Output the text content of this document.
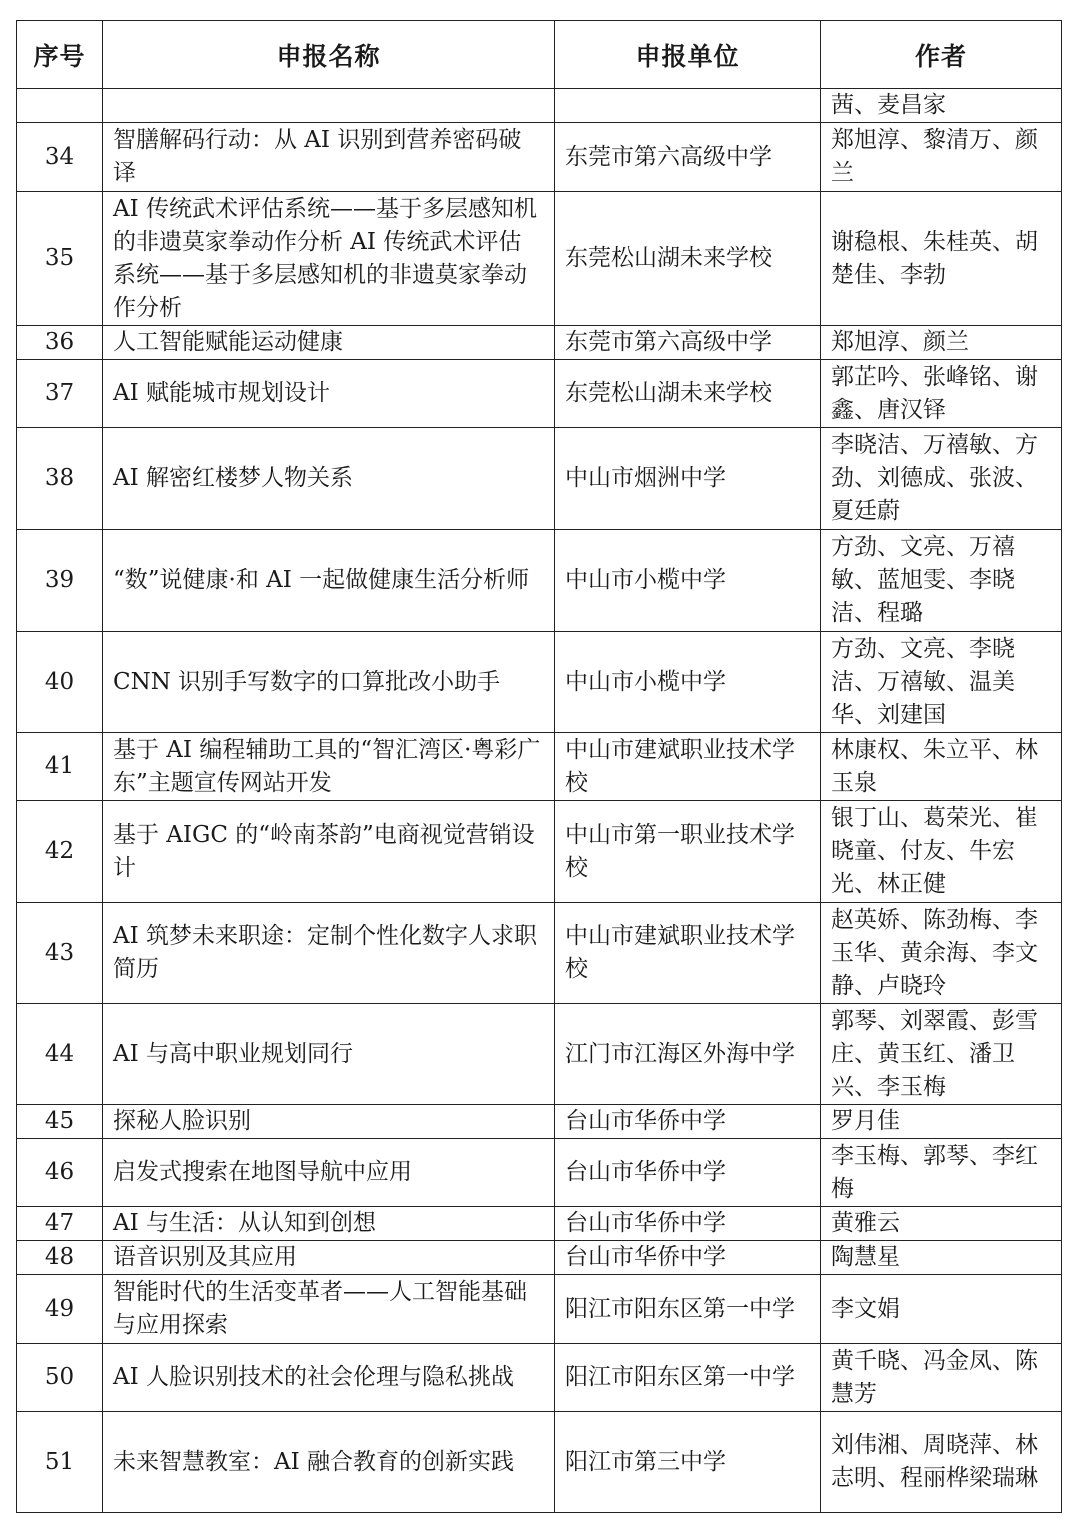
序号	申报名称	申报单位	作者

			茜、麦昌家

34	智膳解码行动：从 AI 识别到营养密码破译	东莞市第六高级中学	郑旭淳、黎清万、颜兰

35	AI 传统武术评估系统——基于多层感知机的非遗莫家拳动作分析 AI 传统武术评估系统——基于多层感知机的非遗莫家拳动作分析	东莞松山湖未来学校	谢稳根、朱桂英、胡楚佳、李勃

36	人工智能赋能运动健康	东莞市第六高级中学	郑旭淳、颜兰

37	AI 赋能城市规划设计	东莞松山湖未来学校	郭芷吟、张峰铭、谢鑫、唐汉铎

38	AI 解密红楼梦人物关系	中山市烟洲中学	李晓洁、万禧敏、方劲、刘德成、张波、夏廷蔚

39	“数”说健康·和 AI 一起做健康生活分析师	中山市小榄中学	方劲、文亮、万禧敏、蓝旭雯、李晓洁、程璐

40	CNN 识别手写数字的口算批改小助手	中山市小榄中学	方劲、文亮、李晓洁、万禧敏、温美华、刘建国

41	基于 AI 编程辅助工具的“智汇湾区·粤彩广东”主题宣传网站开发	中山市建斌职业技术学校	林康权、朱立平、林玉泉

42	基于 AIGC 的“岭南茶韵”电商视觉营销设计	中山市第一职业技术学校	银丁山、葛荣光、崔晓童、付友、牛宏光、林正健

43	AI 筑梦未来职途：定制个性化数字人求职简历	中山市建斌职业技术学校	赵英娇、陈劲梅、李玉华、黄余海、李文静、卢晓玲

44	AI 与高中职业规划同行	江门市江海区外海中学	郭琴、刘翠霞、彭雪庄、黄玉红、潘卫兴、李玉梅

45	探秘人脸识别	台山市华侨中学	罗月佳

46	启发式搜索在地图导航中应用	台山市华侨中学	李玉梅、郭琴、李红梅

47	AI 与生活：从认知到创想	台山市华侨中学	黄雅云

48	语音识别及其应用	台山市华侨中学	陶慧星

49	智能时代的生活变革者——人工智能基础与应用探索	阳江市阳东区第一中学	李文娟

50	AI 人脸识别技术的社会伦理与隐私挑战	阳江市阳东区第一中学	黄千晓、冯金凤、陈慧芳

51	未来智慧教室：AI 融合教育的创新实践	阳江市第三中学	刘伟湘、周晓萍、林志明、程丽桦梁瑞琳
